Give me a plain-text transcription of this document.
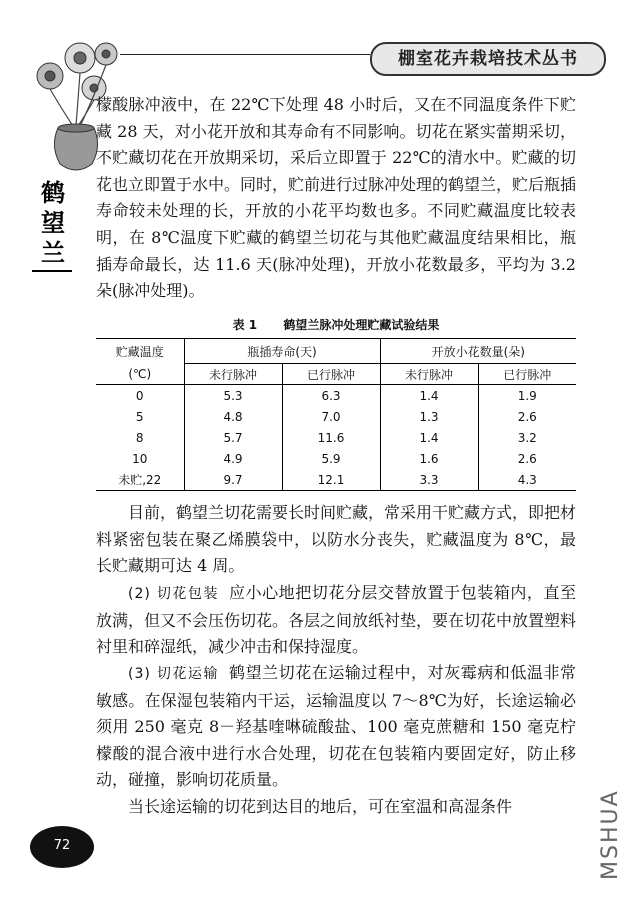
棚室花卉栽培技术丛书
鹤望兰
檬酸脉冲液中，在 22℃下处理 48 小时后，又在不同温度条件下贮藏 28 天，对小花开放和其寿命有不同影响。切花在紧实蕾期采切，不贮藏切花在开放期采切，采后立即置于 22℃的清水中。贮藏的切花也立即置于水中。同时，贮前进行过脉冲处理的鹤望兰，贮后瓶插寿命较未处理的长，开放的小花平均数也多。不同贮藏温度比较表明，在 8℃温度下贮藏的鹤望兰切花与其他贮藏温度结果相比，瓶插寿命最长，达 11.6 天(脉冲处理)，开放小花数最多，平均为 3.2 朵(脉冲处理)。
表 1 鹤望兰脉冲处理贮藏试验结果
贮藏温度	瓶插寿命(天)		开放小花数量(朵)	
(℃)	未行脉冲	已行脉冲	未行脉冲	已行脉冲
0	5.3	6.3	1.4	1.9
5	4.8	7.0	1.3	2.6
8	5.7	11.6	1.4	3.2
10	4.9	5.9	1.6	2.6
未贮,22	9.7	12.1	3.3	4.3
目前，鹤望兰切花需要长时间贮藏，常采用干贮藏方式，即把材料紧密包装在聚乙烯膜袋中，以防水分丧失，贮藏温度为 8℃，最长贮藏期可达 4 周。
(2) 切花包装 应小心地把切花分层交替放置于包装箱内，直至放满，但又不会压伤切花。各层之间放纸衬垫，要在切花中放置塑料衬里和碎湿纸，减少冲击和保持湿度。
(3) 切花运输 鹤望兰切花在运输过程中，对灰霉病和低温非常敏感。在保湿包装箱内干运，运输温度以 7～8℃为好，长途运输必须用 250 毫克 8－羟基喹啉硫酸盐、100 毫克蔗糖和 150 毫克柠檬酸的混合液中进行水合处理，切花在包装箱内要固定好，防止移动，碰撞，影响切花质量。
当长途运输的切花到达目的地后，可在室温和高湿条件
72	MSHUA
